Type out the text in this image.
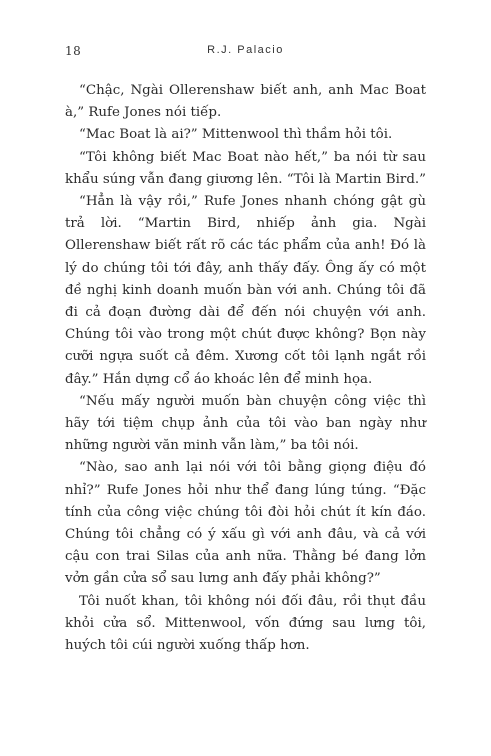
18	R.J. Palacio

“Chậc, Ngài Ollerenshaw biết anh, anh Mac Boat à,” Rufe Jones nói tiếp.

“Mac Boat là ai?” Mittenwool thì thầm hỏi tôi.

“Tôi không biết Mac Boat nào hết,” ba nói từ sau khẩu súng vẫn đang giương lên. “Tôi là Martin Bird.”

“Hẳn là vậy rồi,” Rufe Jones nhanh chóng gật gù trả lời. “Martin Bird, nhiếp ảnh gia. Ngài Ollerenshaw biết rất rõ các tác phẩm của anh! Đó là lý do chúng tôi tới đây, anh thấy đấy. Ông ấy có một đề nghị kinh doanh muốn bàn với anh. Chúng tôi đã đi cả đoạn đường dài để đến nói chuyện với anh. Chúng tôi vào trong một chút được không? Bọn này cưỡi ngựa suốt cả đêm. Xương cốt tôi lạnh ngắt rồi đây.” Hắn dựng cổ áo khoác lên để minh họa.

“Nếu mấy người muốn bàn chuyện công việc thì hãy tới tiệm chụp ảnh của tôi vào ban ngày như những người văn minh vẫn làm,” ba tôi nói.

“Nào, sao anh lại nói với tôi bằng giọng điệu đó nhỉ?” Rufe Jones hỏi như thể đang lúng túng. “Đặc tính của công việc chúng tôi đòi hỏi chút ít kín đáo. Chúng tôi chẳng có ý xấu gì với anh đâu, và cả với cậu con trai Silas của anh nữa. Thằng bé đang lởn vởn gần cửa sổ sau lưng anh đấy phải không?”

Tôi nuốt khan, tôi không nói đối đâu, rồi thụt đầu khỏi cửa sổ. Mittenwool, vốn đứng sau lưng tôi, huých tôi cúi người xuống thấp hơn.
